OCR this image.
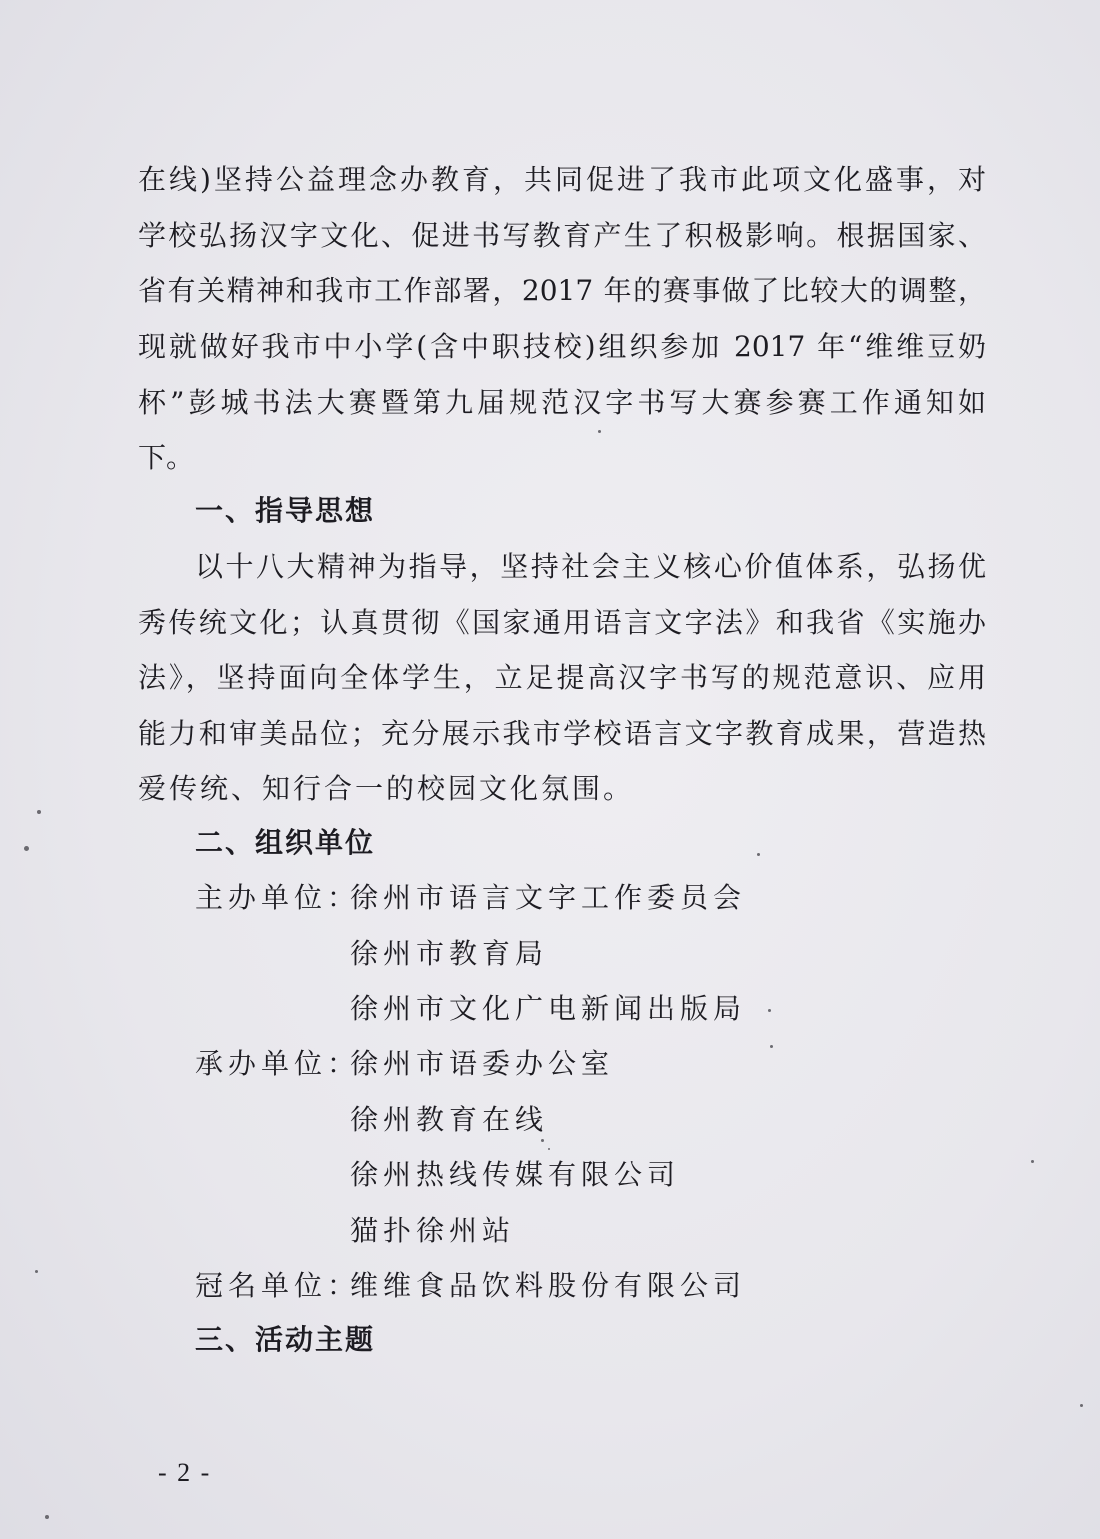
在线)坚持公益理念办教育，共同促进了我市此项文化盛事，对
学校弘扬汉字文化、促进书写教育产生了积极影响。根据国家、
省有关精神和我市工作部署，2017 年的赛事做了比较大的调整，
现就做好我市中小学(含中职技校)组织参加 2017 年“维维豆奶
杯”彭城书法大赛暨第九届规范汉字书写大赛参赛工作通知如
下。
一、指导思想
以十八大精神为指导，坚持社会主义核心价值体系，弘扬优
秀传统文化；认真贯彻《国家通用语言文字法》和我省《实施办
法》，坚持面向全体学生，立足提高汉字书写的规范意识、应用
能力和审美品位；充分展示我市学校语言文字教育成果，营造热
爱传统、知行合一的校园文化氛围。
二、组织单位
主办单位：
徐州市语言文字工作委员会
徐州市教育局
徐州市文化广电新闻出版局
承办单位：
徐州市语委办公室
徐州教育在线
徐州热线传媒有限公司
猫扑徐州站
冠名单位：
维维食品饮料股份有限公司
三、活动主题
- 2 -
